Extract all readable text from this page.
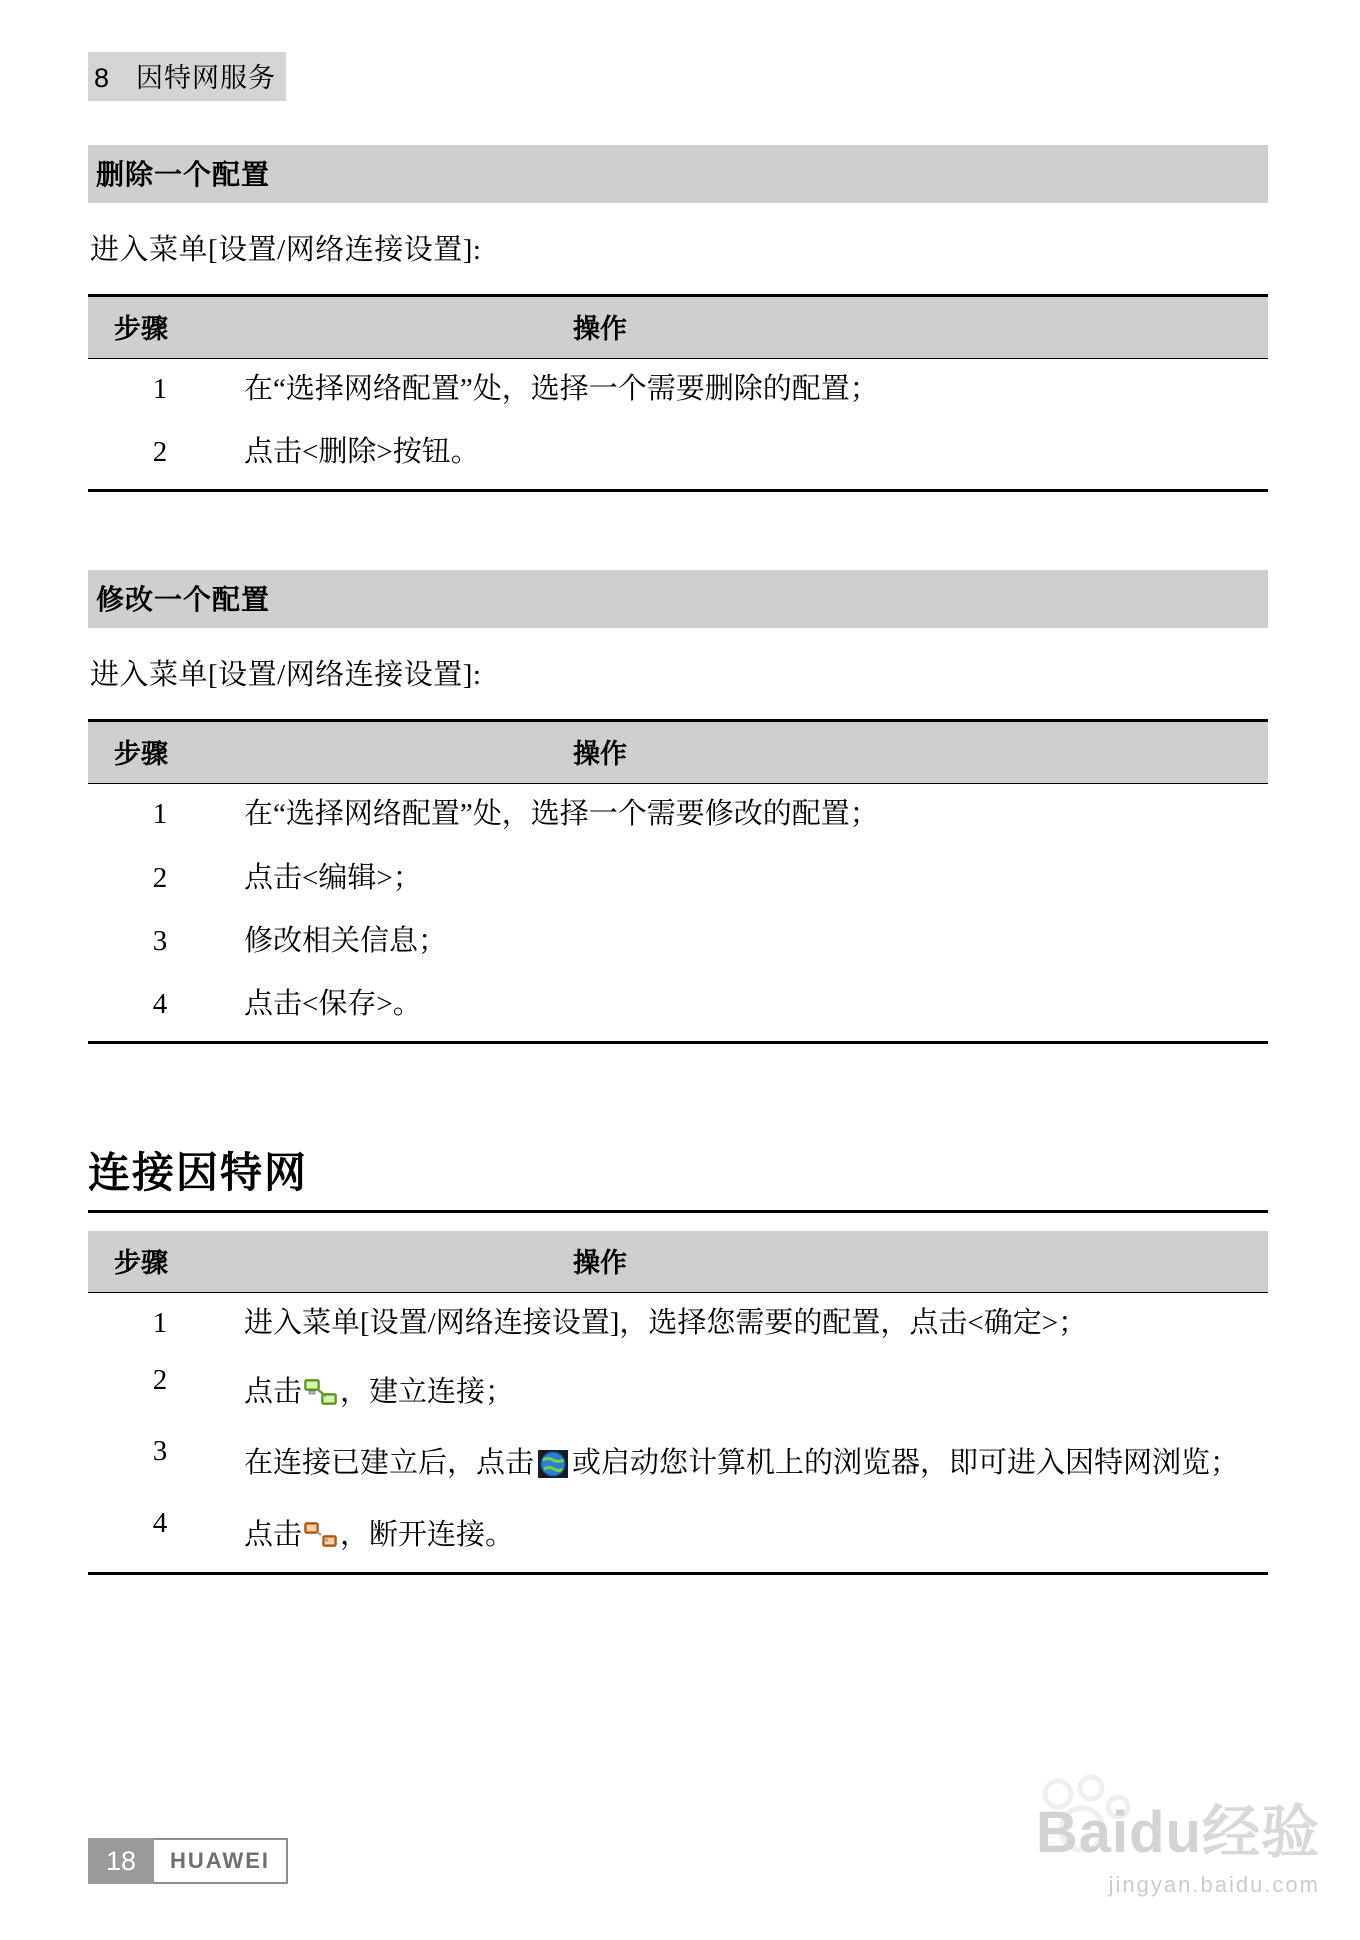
8 因特网服务
删除一个配置
进入菜单[设置/网络连接设置]:
步骤	操作
1	在“选择网络配置”处，选择一个需要删除的配置；
2	点击<删除>按钮。
修改一个配置
进入菜单[设置/网络连接设置]:
步骤	操作
1	在“选择网络配置”处，选择一个需要修改的配置；
2	点击<编辑>；
3	修改相关信息；
4	点击<保存>。
连接因特网
步骤	操作
1	进入菜单[设置/网络连接设置]，选择您需要的配置，点击<确定>；
2	点击 ，建立连接；
3	在连接已建立后，点击 或启动您计算机上的浏览器，即可进入因特网浏览；
4	点击 ，断开连接。
18	HUAWEI	Baidu经验
jingyan.baidu.com
